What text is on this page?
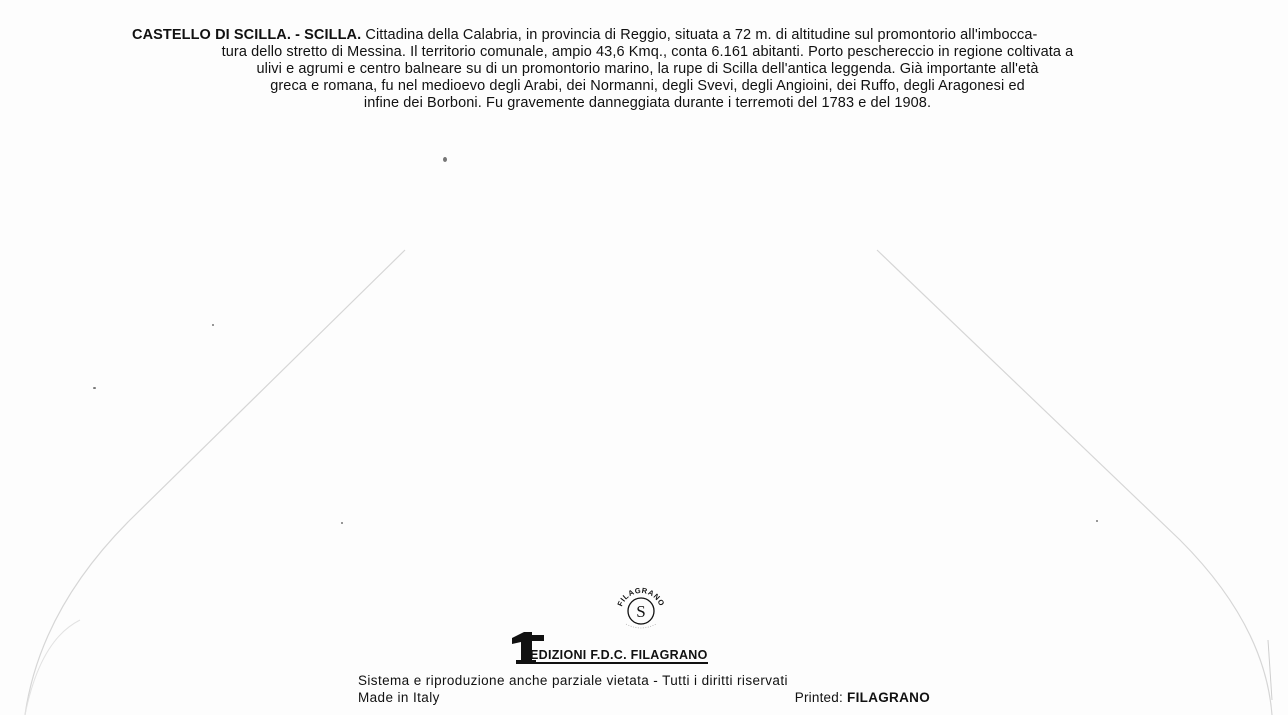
CASTELLO DI SCILLA. - SCILLA. Cittadina della Calabria, in provincia di Reggio, situata a 72 m. di altitudine sul promontorio all'imbocca-
tura dello stretto di Messina. Il territorio comunale, ampio 43,6 Kmq., conta 6.161 abitanti. Porto peschereccio in regione coltivata a
ulivi e agrumi e centro balneare su di un promontorio marino, la rupe di Scilla dell'antica leggenda. Già importante all'età
greca e romana, fu nel medioevo degli Arabi, dei Normanni, degli Svevi, degli Angioini, dei Ruffo, degli Aragonesi ed
infine dei Borboni. Fu gravemente danneggiata durante i terremoti del 1783 e del 1908.
FILAGRANO
S
EDIZIONI F.D.C. FILAGRANO
Sistema e riproduzione anche parziale vietata - Tutti i diritti riservati
Made in Italy	Printed: FILAGRANO
